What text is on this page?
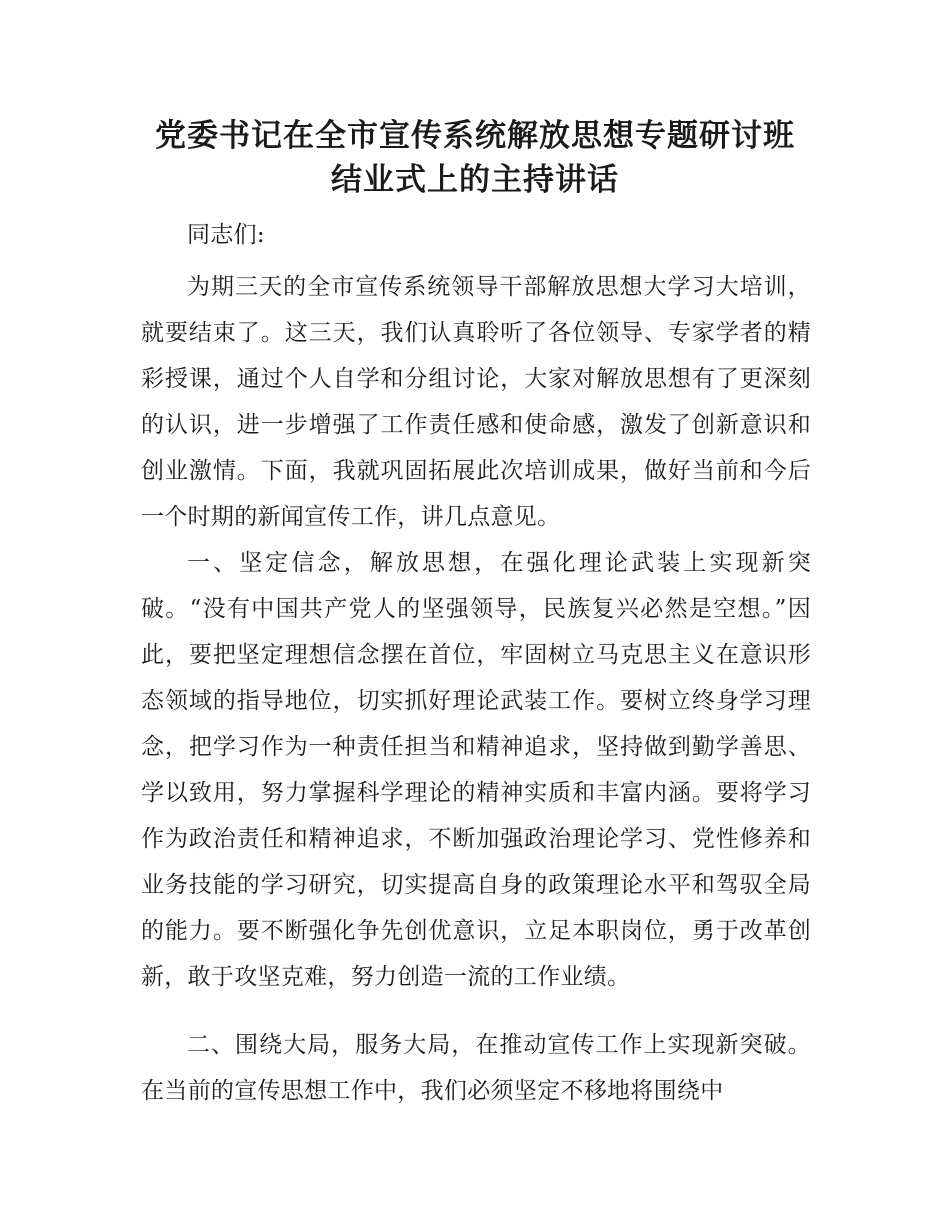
党委书记在全市宣传系统解放思想专题研讨班
结业式上的主持讲话

同志们:

为期三天的全市宣传系统领导干部解放思想大学习大培训，就要结束了。这三天，我们认真聆听了各位领导、专家学者的精彩授课，通过个人自学和分组讨论，大家对解放思想有了更深刻的认识，进一步增强了工作责任感和使命感，激发了创新意识和创业激情。下面，我就巩固拓展此次培训成果，做好当前和今后一个时期的新闻宣传工作，讲几点意见。

一、坚定信念，解放思想，在强化理论武装上实现新突破。“没有中国共产党人的坚强领导，民族复兴必然是空想。”因此，要把坚定理想信念摆在首位，牢固树立马克思主义在意识形态领域的指导地位，切实抓好理论武装工作。要树立终身学习理念，把学习作为一种责任担当和精神追求，坚持做到勤学善思、学以致用，努力掌握科学理论的精神实质和丰富内涵。要将学习作为政治责任和精神追求，不断加强政治理论学习、党性修养和业务技能的学习研究，切实提高自身的政策理论水平和驾驭全局的能力。要不断强化争先创优意识，立足本职岗位，勇于改革创新，敢于攻坚克难，努力创造一流的工作业绩。

二、围绕大局，服务大局，在推动宣传工作上实现新突破。在当前的宣传思想工作中，我们必须坚定不移地将围绕中
